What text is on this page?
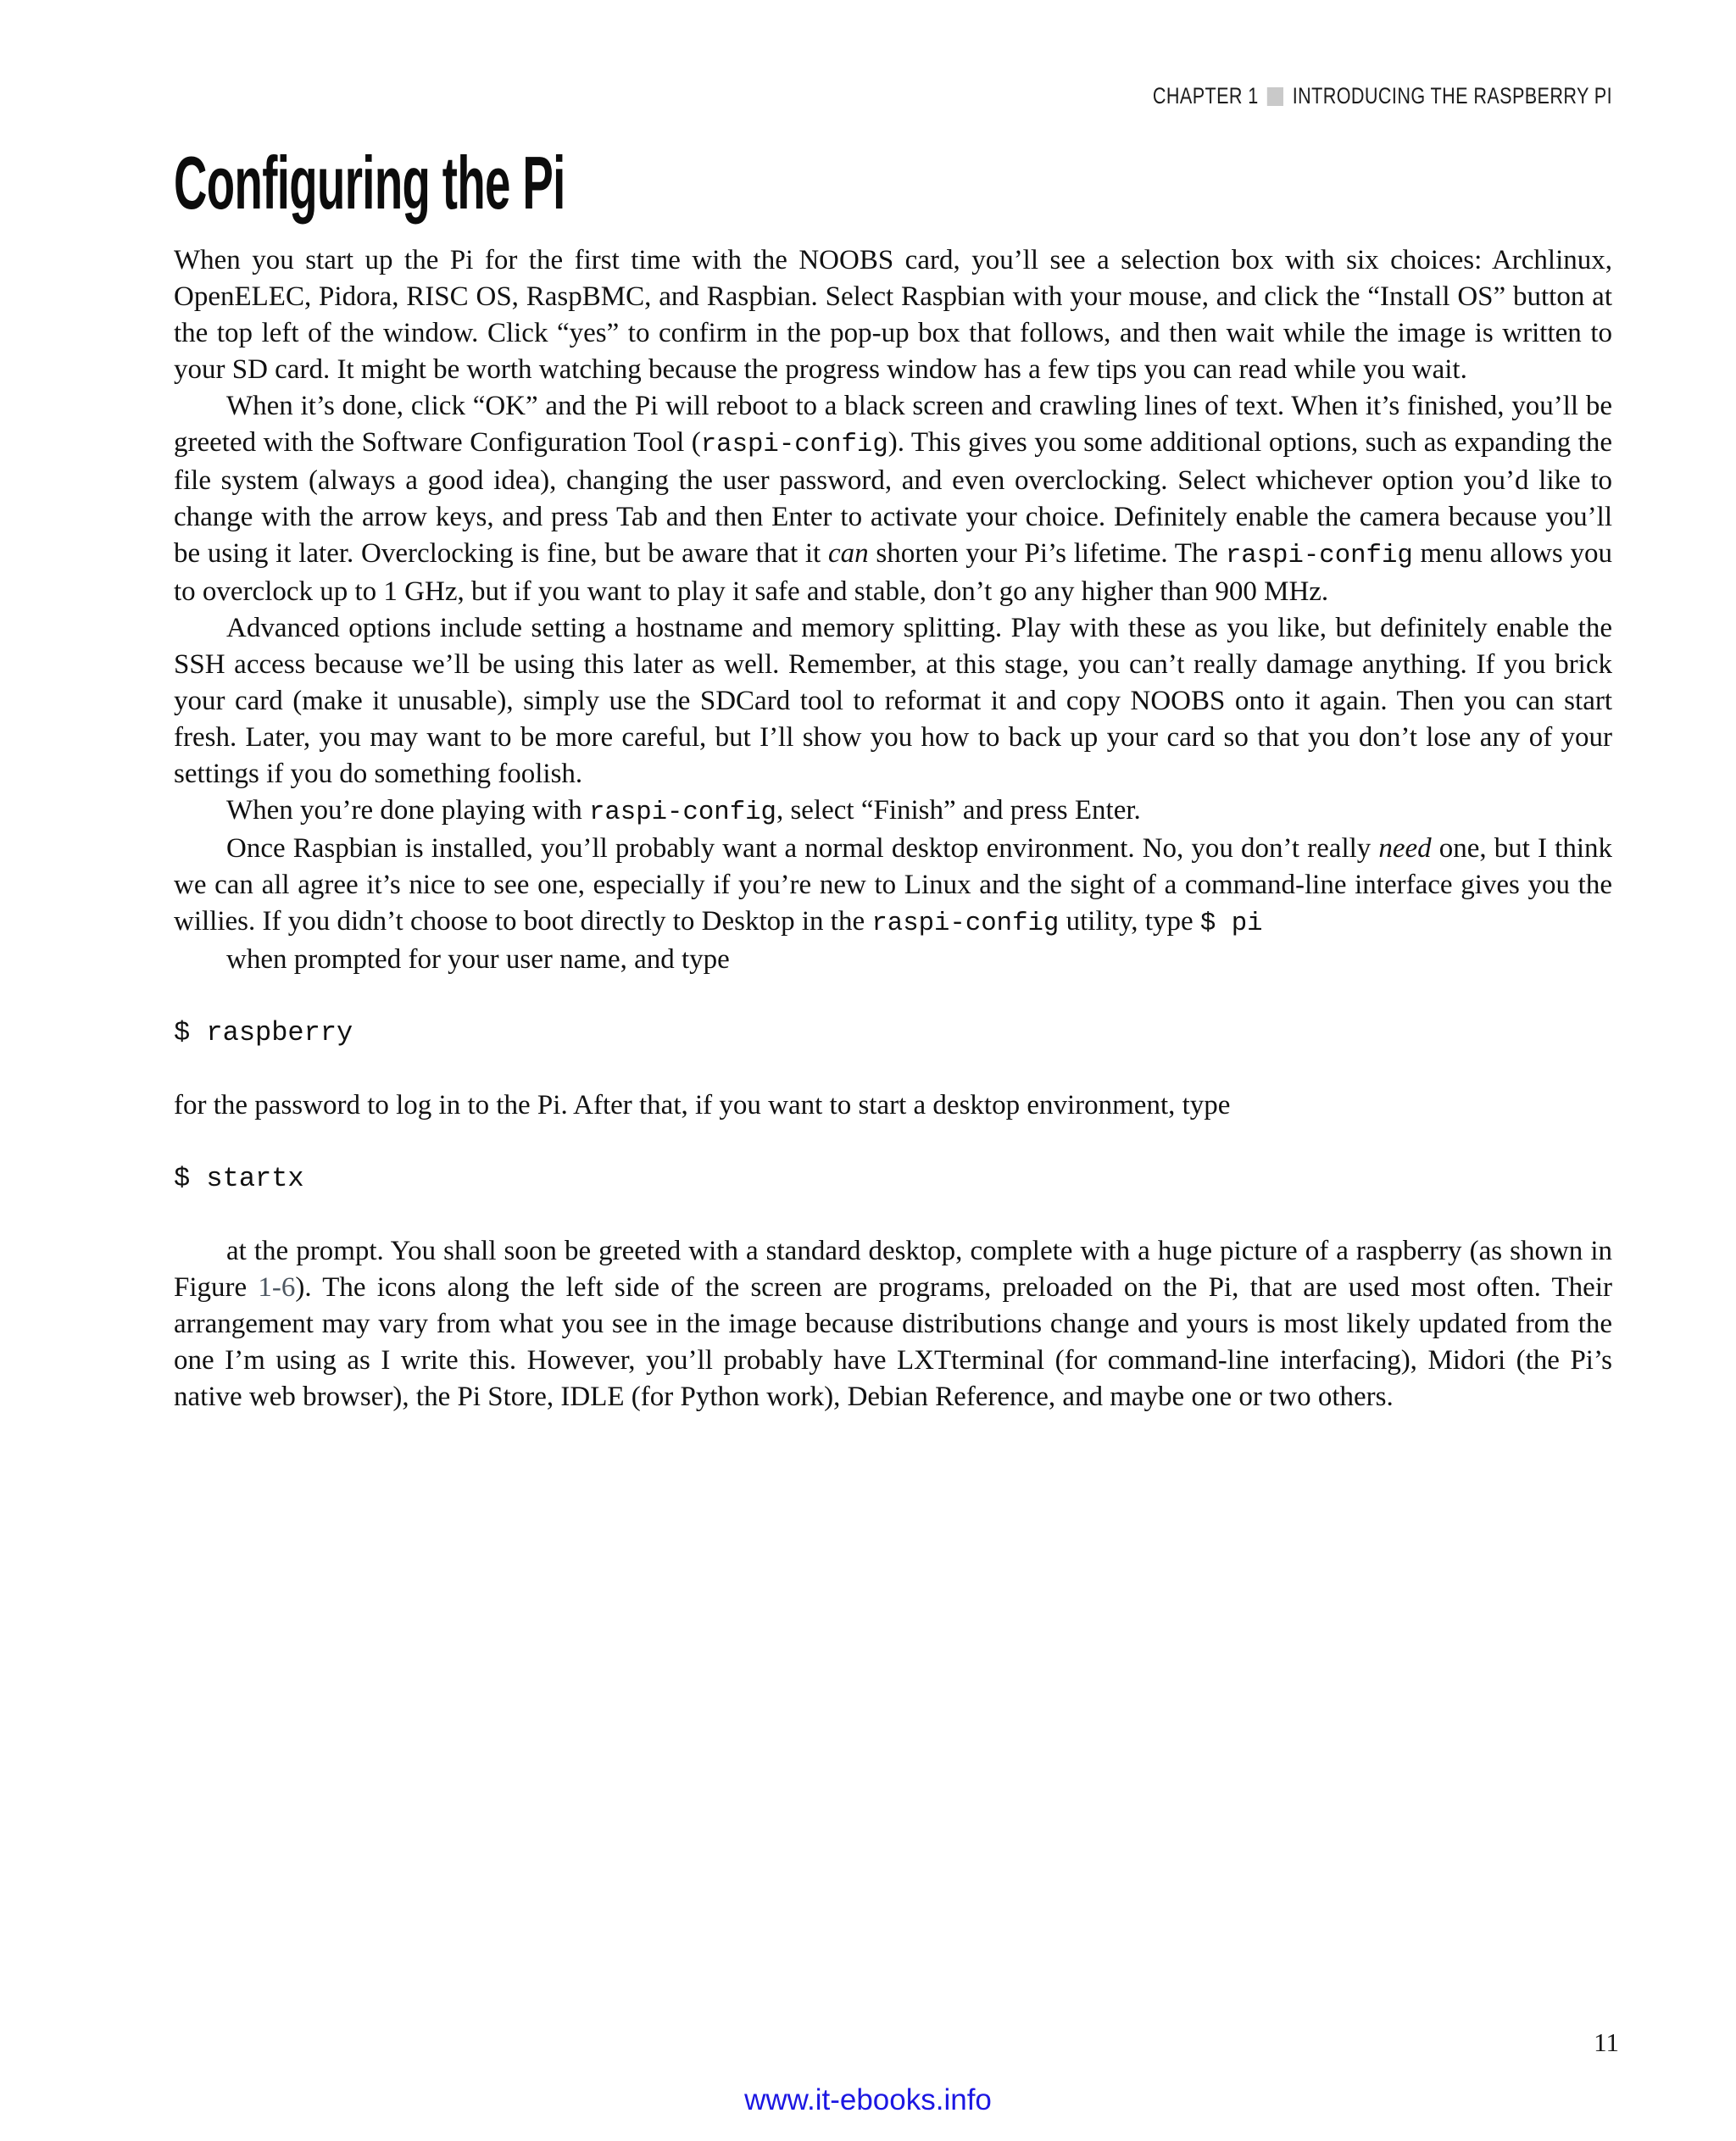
CHAPTER 1 INTRODUCING THE RASPBERRY PI
Configuring the Pi

When you start up the Pi for the first time with the NOOBS card, you’ll see a selection box with six choices: Archlinux, OpenELEC, Pidora, RISC OS, RaspBMC, and Raspbian. Select Raspbian with your mouse, and click the “Install OS” button at the top left of the window. Click “yes” to confirm in the pop-up box that follows, and then wait while the image is written to your SD card. It might be worth watching because the progress window has a few tips you can read while you wait.

When it’s done, click “OK” and the Pi will reboot to a black screen and crawling lines of text. When it’s finished, you’ll be greeted with the Software Configuration Tool (raspi-config). This gives you some additional options, such as expanding the file system (always a good idea), changing the user password, and even overclocking. Select whichever option you’d like to change with the arrow keys, and press Tab and then Enter to activate your choice. Definitely enable the camera because you’ll be using it later. Overclocking is fine, but be aware that it can shorten your Pi’s lifetime. The raspi-config menu allows you to overclock up to 1 GHz, but if you want to play it safe and stable, don’t go any higher than 900 MHz.

Advanced options include setting a hostname and memory splitting. Play with these as you like, but definitely enable the SSH access because we’ll be using this later as well. Remember, at this stage, you can’t really damage anything. If you brick your card (make it unusable), simply use the SDCard tool to reformat it and copy NOOBS onto it again. Then you can start fresh. Later, you may want to be more careful, but I’ll show you how to back up your card so that you don’t lose any of your settings if you do something foolish.

When you’re done playing with raspi-config, select “Finish” and press Enter.

Once Raspbian is installed, you’ll probably want a normal desktop environment. No, you don’t really need one, but I think we can all agree it’s nice to see one, especially if you’re new to Linux and the sight of a command-line interface gives you the willies. If you didn’t choose to boot directly to Desktop in the raspi-config utility, type $ pi

when prompted for your user name, and type

$ raspberry

for the password to log in to the Pi. After that, if you want to start a desktop environment, type

$ startx

at the prompt. You shall soon be greeted with a standard desktop, complete with a huge picture of a raspberry (as shown in Figure 1-6). The icons along the left side of the screen are programs, preloaded on the Pi, that are used most often. Their arrangement may vary from what you see in the image because distributions change and yours is most likely updated from the one I’m using as I write this. However, you’ll probably have LXTterminal (for command-line interfacing), Midori (the Pi’s native web browser), the Pi Store, IDLE (for Python work), Debian Reference, and maybe one or two others.

11
www.it-ebooks.info
